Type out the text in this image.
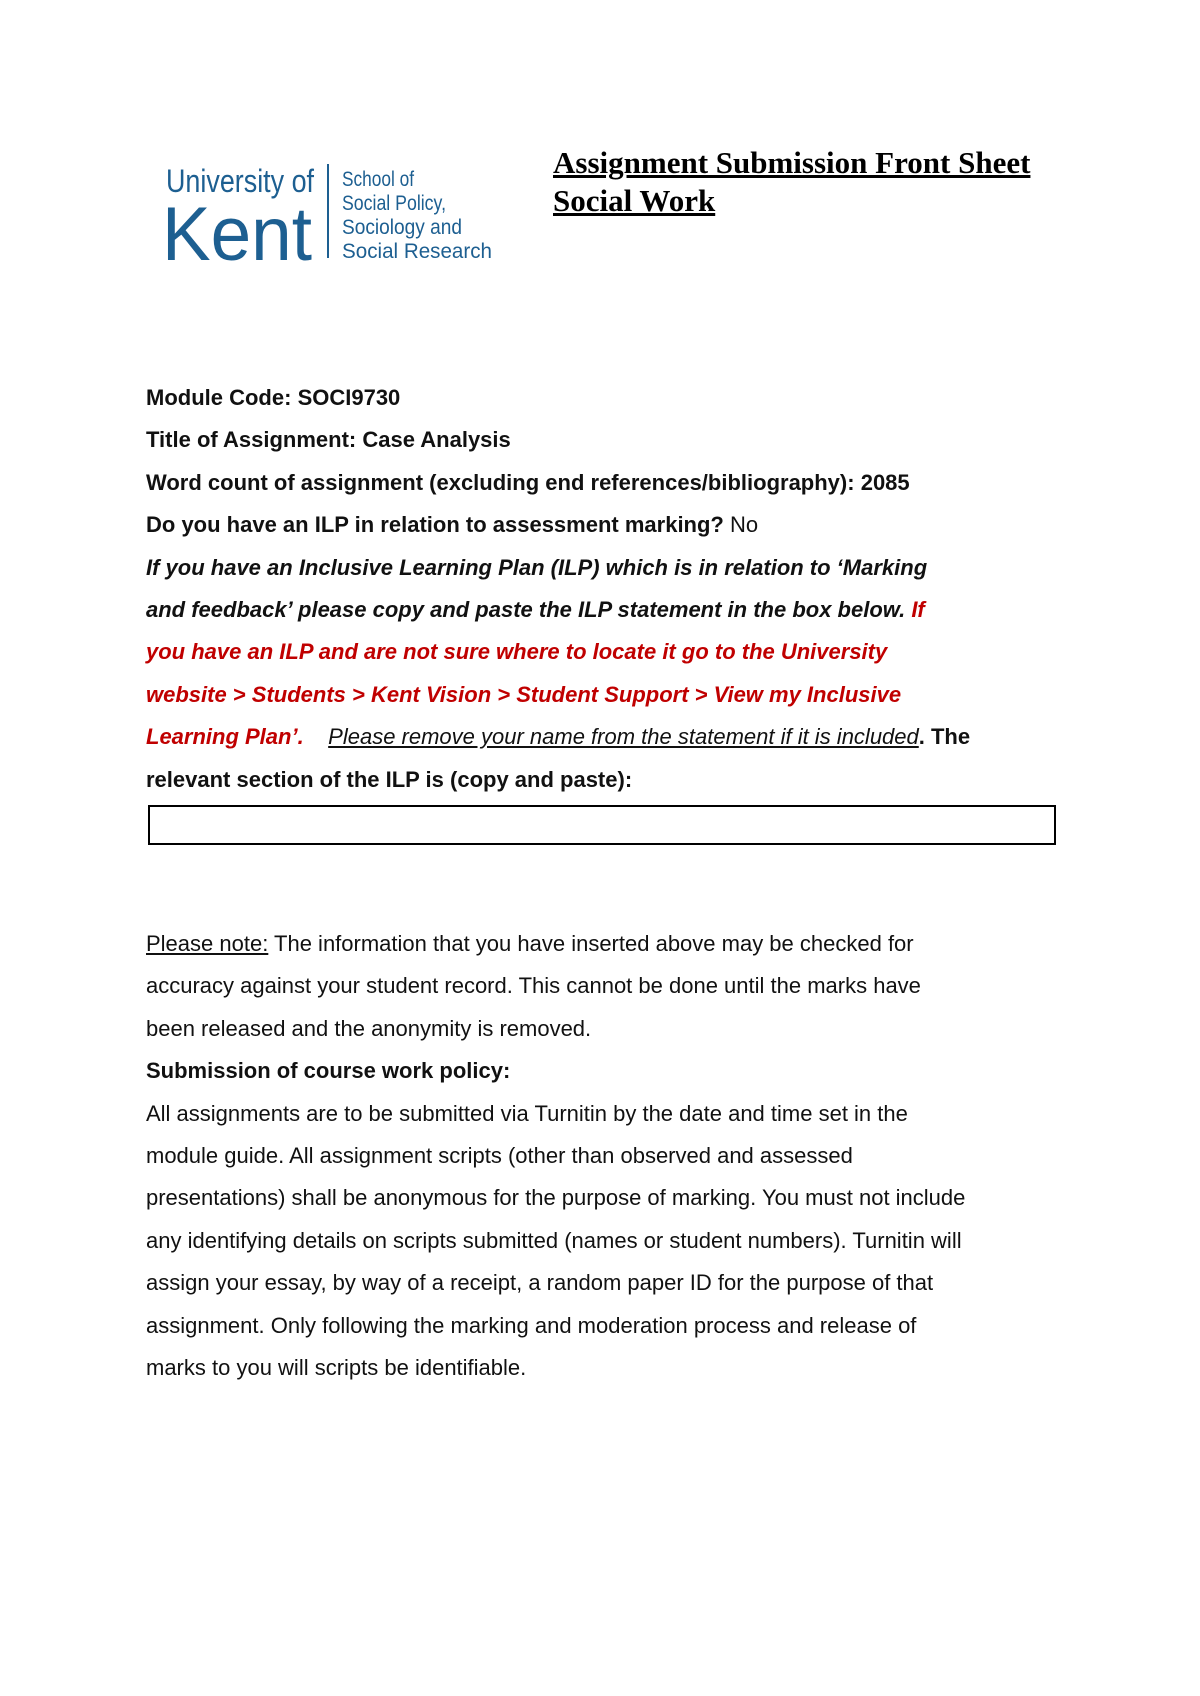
University of
Kent
School of
Social Policy,
Sociology and
Social Research
Assignment Submission Front Sheet
Social Work
Module Code: SOCI9730
Title of Assignment: Case Analysis
Word count of assignment (excluding end references/bibliography): 2085
Do you have an ILP in relation to assessment marking? No
If you have an Inclusive Learning Plan (ILP) which is in relation to ‘Marking
and feedback’ please copy and paste the ILP statement in the box below. If
you have an ILP and are not sure where to locate it go to the University
website > Students > Kent Vision > Student Support > View my Inclusive
Learning Plan’. Please remove your name from the statement if it is included. The
relevant section of the ILP is (copy and paste):
Please note: The information that you have inserted above may be checked for
accuracy against your student record. This cannot be done until the marks have
been released and the anonymity is removed.
Submission of course work policy:
All assignments are to be submitted via Turnitin by the date and time set in the
module guide. All assignment scripts (other than observed and assessed
presentations) shall be anonymous for the purpose of marking. You must not include
any identifying details on scripts submitted (names or student numbers). Turnitin will
assign your essay, by way of a receipt, a random paper ID for the purpose of that
assignment. Only following the marking and moderation process and release of
marks to you will scripts be identifiable.
